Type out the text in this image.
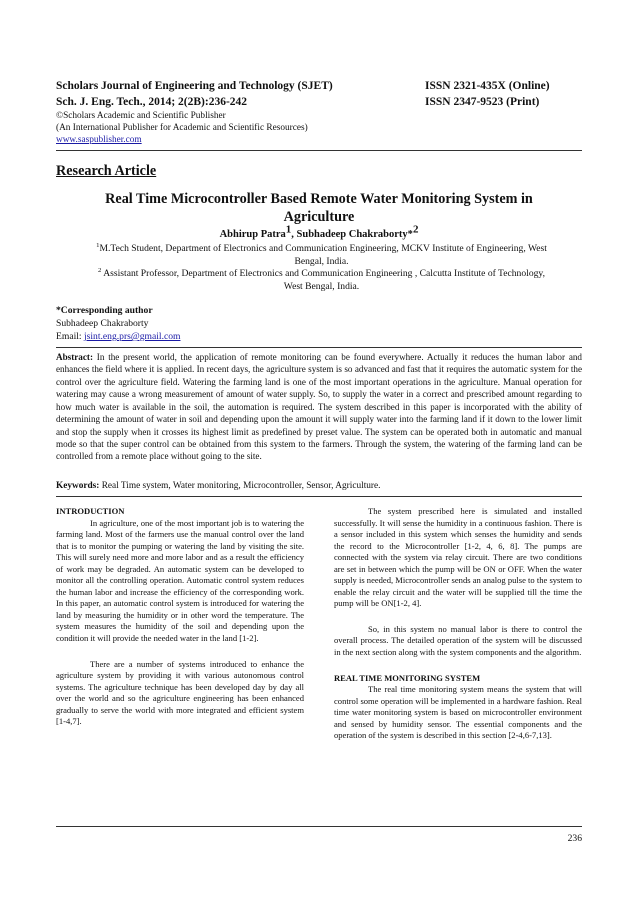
Scholars Journal of Engineering and Technology (SJET)	ISSN 2321-435X (Online)
Sch. J. Eng. Tech., 2014; 2(2B):236-242	ISSN 2347-9523 (Print)
©Scholars Academic and Scientific Publisher
(An International Publisher for Academic and Scientific Resources)
www.saspublisher.com
Research Article
Real Time Microcontroller Based Remote Water Monitoring System in
Agriculture
Abhirup Patra$^1$, Subhadeep Chakraborty*$^2$
$^1$M.Tech Student, Department of Electronics and Communication Engineering, MCKV Institute of Engineering, West
Bengal, India.
$^2$ Assistant Professor, Department of Electronics and Communication Engineering , Calcutta Institute of Technology,
West Bengal, India.
*Corresponding author
Subhadeep Chakraborty
Email: jsint.eng.prs@gmail.com
Abstract: In the present world, the application of remote monitoring can be found everywhere. Actually it reduces the human labor and enhances the field where it is applied. In recent days, the agriculture system is so advanced and fast that it requires the automatic system for the control over the agriculture field. Watering the farming land is one of the most important operations in the agriculture. Manual operation for watering may cause a wrong measurement of amount of water supply. So, to supply the water in a correct and prescribed amount regarding to how much water is available in the soil, the automation is required. The system described in this paper is incorporated with the ability of determining the amount of water in soil and depending upon the amount it will supply water into the farming land if it down to the lower limit and stop the supply when it crosses its highest limit as predefined by preset value. The system can be operated both in automatic and manual mode so that the super control can be obtained from this system to the farmers. Through the system, the watering of the farming land can be controlled from a remote place without going to the site.
Keywords: Real Time system, Water monitoring, Microcontroller, Sensor, Agriculture.

INTRODUCTION

In agriculture, one of the most important job is to watering the farming land. Most of the farmers use the manual control over the land that is to monitor the pumping or watering the land by visiting the site. This will surely need more and more labor and as a result the efficiency of work may be degraded. An automatic system can be developed to monitor all the controlling operation. Automatic control system reduces the human labor and increase the efficiency of the corresponding work. In this paper, an automatic control system is introduced for watering the land by measuring the humidity or in other word the temperature. The system measures the humidity of the soil and depending upon the condition it will provide the needed water in the land [1-2].

There are a number of systems introduced to enhance the agriculture system by providing it with various autonomous control systems. The agriculture technique has been developed day by day all over the world and so the agriculture engineering has been enhanced gradually to serve the world with more integrated and efficient system [1-4,7].

The system prescribed here is simulated and installed successfully. It will sense the humidity in a continuous fashion. There is a sensor included in this system which senses the humidity and sends the record to the Microcontroller [1-2, 4, 6, 8]. The pumps are connected with the system via relay circuit. There are two conditions are set in between which the pump will be ON or OFF. When the water supply is needed, Microcontroller sends an analog pulse to the system to enable the relay circuit and the water will be supplied till the time the pump will be ON[1-2, 4].

So, in this system no manual labor is there to control the overall process. The detailed operation of the system will be discussed in the next section along with the system components and the algorithm.

REAL TIME MONITORING SYSTEM

The real time monitoring system means the system that will control some operation will be implemented in a hardware fashion. Real time water monitoring system is based on microcontroller environment and sensed by humidity sensor. The essential components and the operation of the system is described in this section [2-4,6-7,13].

236
